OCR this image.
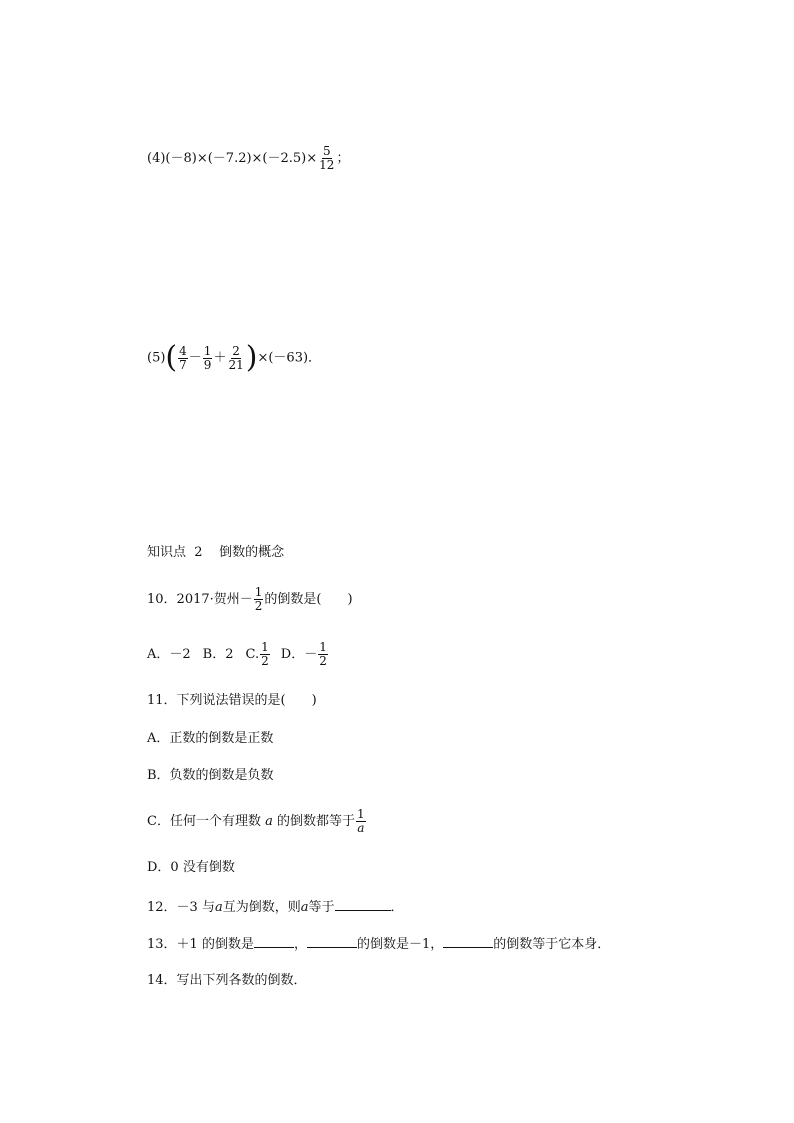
$(4)(-8)\times(-7.2)\times(-2.5)\times \frac{5}{12}$ ；
$(5)( \frac{4}{7} - \frac{1}{9} + \frac{2}{21} )\times(-63)$．
知识点  2    倒数的概念
10．2017·贺州－ $\frac{1}{2}$ 的倒数是(　　)
A．－2 B．2 C. $\frac{1}{2}$ D．－ $\frac{1}{2}$
11．下列说法错误的是(　　)
A．正数的倒数是正数
B．负数的倒数是负数
C．任何一个有理数 a 的倒数都等于 $\frac{1}{a}$
D．0 没有倒数
12．－3 与a互为倒数，则a等于	．
13．＋1 的倒数是	，	的倒数是－1，	的倒数等于它本身．
14．写出下列各数的倒数．
